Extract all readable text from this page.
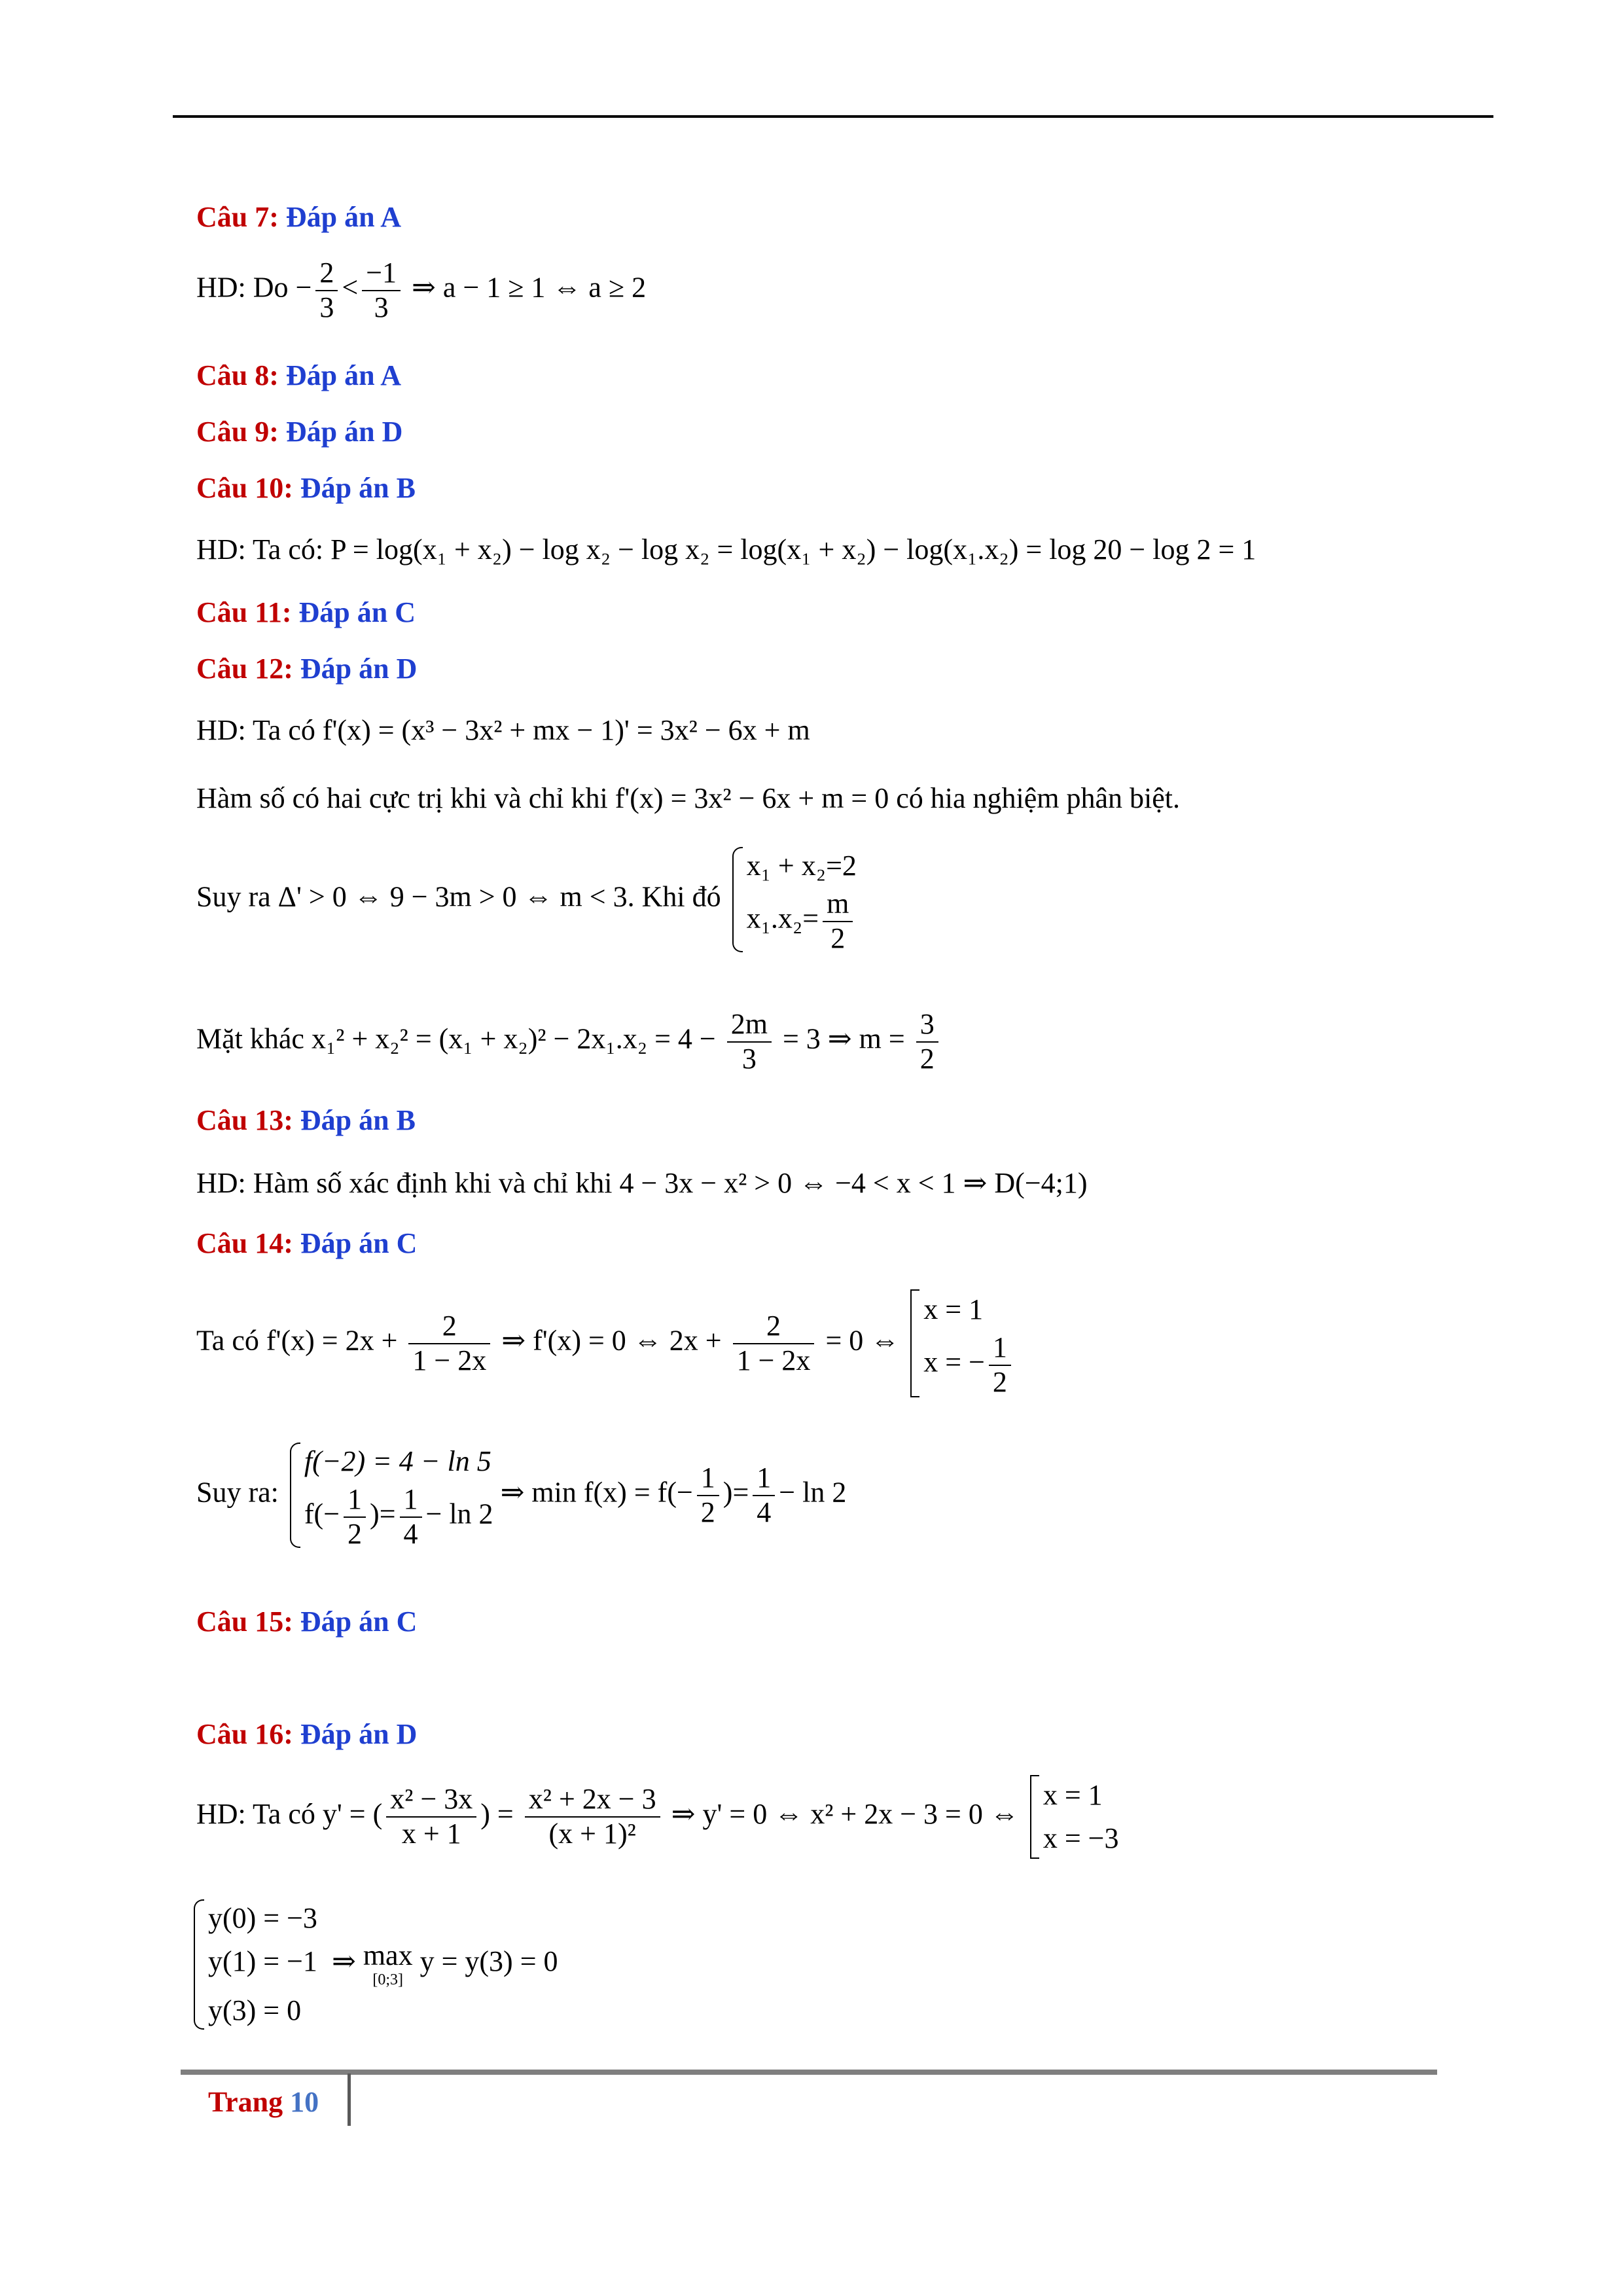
Câu 7: Đáp án A
HD: $Do - \frac{2}{3} < \frac{-1}{3}$ ⇒ a − 1 ≥ 1 ⇔ a ≥ 2
Câu 8: Đáp án A
Câu 9: Đáp án D
Câu 10: Đáp án B
HD: Ta có: P = log(x₁ + x₂) − log x₂ − log x₂ = log(x₁ + x₂) − log(x₁.x₂) = log 20 − log 2 = 1
Câu 11: Đáp án C
Câu 12: Đáp án D
HD: Ta có f'(x) = (x³ − 3x² + mx − 1)' = 3x² − 6x + m
Hàm số có hai cực trị khi và chỉ khi f'(x) = 3x² − 6x + m = 0 có hia nghiệm phân biệt.
Suy ra Δ' > 0 ⇔ 9 − 3m > 0 ⇔ m < 3. Khi đó
x₁ + x₂=2
$x_1.x_2= \frac{m}{2}$
Mặt khác $x_1^2 + x_2^2 = (x_1 + x_2)^2 - 2x_1.x_2 = 4 - \frac{2m}{3} = 3$ ⇒ $m = \frac{3}{2}$
Câu 13: Đáp án B
HD: Hàm số xác định khi và chỉ khi 4 − 3x − x² > 0 ⇔ −4 < x < 1 ⇒ D(−4;1)
Câu 14: Đáp án C
Ta có $f'(x) = 2x + \frac{2}{1 - 2x}$ ⇒ f'(x) = 0 ⇔ $2x + \frac{2}{1 - 2x} = 0$ ⇔
x = 1
x = − $\frac{1}{2}$
Suy ra:
f(−2) = 4 − ln 5
$f(- \frac{1}{2}$ )= $\frac{1}{4} - \ln 2$
⇒ $\min f(x) = f(- \frac{1}{2}$ )= $\frac{1}{4} - \ln 2$
Câu 15: Đáp án C
Câu 16: Đáp án D
HD: Ta có y' = ( $\frac{\text{x² − 3x}}{x + 1}$ ) = $\frac{\text{x² + 2x − 3}}{\text{(x + 1)²}}$ ⇒ y' = 0 ⇔ x² + 2x − 3 = 0 ⇔
x = 1
x = −3
y(0) = −3
y(1) = −1 ⇒ max
[0;3]
y = y(3) = 0
y(3) = 0
Trang 10
